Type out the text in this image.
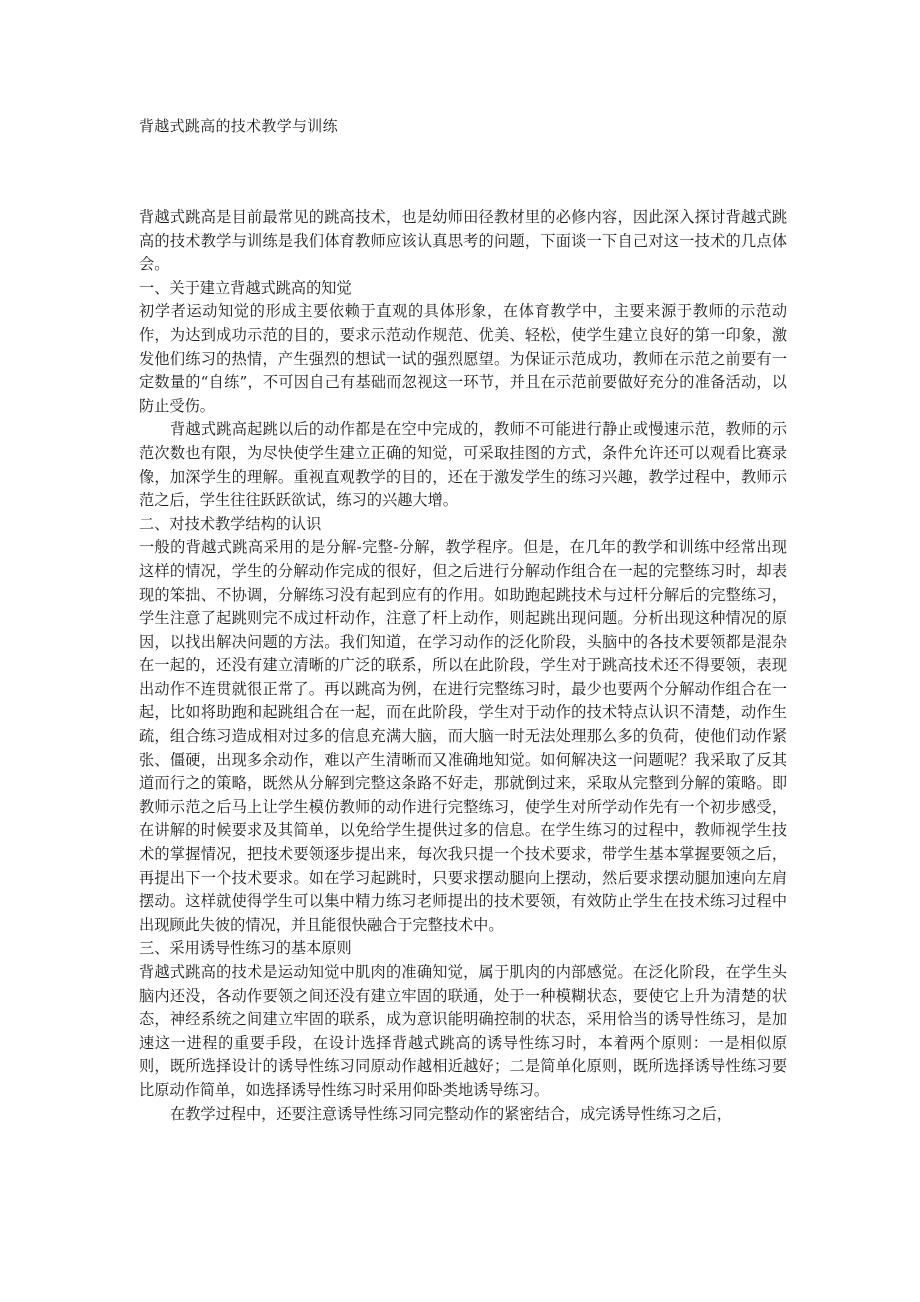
背越式跳高的技术教学与训练

背越式跳高是目前最常见的跳高技术，也是幼师田径教材里的必修内容，因此深入探讨背越式跳高的技术教学与训练是我们体育教师应该认真思考的问题，下面谈一下自己对这一技术的几点体会。

一、关于建立背越式跳高的知觉

初学者运动知觉的形成主要依赖于直观的具体形象，在体育教学中，主要来源于教师的示范动作，为达到成功示范的目的，要求示范动作规范、优美、轻松，使学生建立良好的第一印象，激发他们练习的热情，产生强烈的想试一试的强烈愿望。为保证示范成功，教师在示范之前要有一定数量的“自练”，不可因自己有基础而忽视这一环节，并且在示范前要做好充分的准备活动，以防止受伤。

背越式跳高起跳以后的动作都是在空中完成的，教师不可能进行静止或慢速示范，教师的示范次数也有限，为尽快使学生建立正确的知觉，可采取挂图的方式，条件允许还可以观看比赛录像，加深学生的理解。重视直观教学的目的，还在于激发学生的练习兴趣，教学过程中，教师示范之后，学生往往跃跃欲试，练习的兴趣大增。

二、对技术教学结构的认识

一般的背越式跳高采用的是分解-完整-分解，教学程序。但是，在几年的教学和训练中经常出现这样的情况，学生的分解动作完成的很好，但之后进行分解动作组合在一起的完整练习时，却表现的笨拙、不协调，分解练习没有起到应有的作用。如助跑起跳技术与过杆分解后的完整练习，学生注意了起跳则完不成过杆动作，注意了杆上动作，则起跳出现问题。分析出现这种情况的原因，以找出解决问题的方法。我们知道，在学习动作的泛化阶段，头脑中的各技术要领都是混杂在一起的，还没有建立清晰的广泛的联系，所以在此阶段，学生对于跳高技术还不得要领，表现出动作不连贯就很正常了。再以跳高为例，在进行完整练习时，最少也要两个分解动作组合在一起，比如将助跑和起跳组合在一起，而在此阶段，学生对于动作的技术特点认识不清楚，动作生疏，组合练习造成相对过多的信息充满大脑，而大脑一时无法处理那么多的负荷，使他们动作紧张、僵硬，出现多余动作，难以产生清晰而又准确地知觉。如何解决这一问题呢？我采取了反其道而行之的策略，既然从分解到完整这条路不好走，那就倒过来，采取从完整到分解的策略。即教师示范之后马上让学生模仿教师的动作进行完整练习，使学生对所学动作先有一个初步感受，在讲解的时候要求及其简单，以免给学生提供过多的信息。在学生练习的过程中，教师视学生技术的掌握情况，把技术要领逐步提出来，每次我只提一个技术要求，带学生基本掌握要领之后，再提出下一个技术要求。如在学习起跳时，只要求摆动腿向上摆动，然后要求摆动腿加速向左肩摆动。这样就使得学生可以集中精力练习老师提出的技术要领，有效防止学生在技术练习过程中出现顾此失彼的情况，并且能很快融合于完整技术中。

三、采用诱导性练习的基本原则

背越式跳高的技术是运动知觉中肌肉的准确知觉，属于肌肉的内部感觉。在泛化阶段，在学生头脑内还没，各动作要领之间还没有建立牢固的联通，处于一种模糊状态，要使它上升为清楚的状态，神经系统之间建立牢固的联系，成为意识能明确控制的状态，采用恰当的诱导性练习，是加速这一进程的重要手段，在设计选择背越式跳高的诱导性练习时，本着两个原则：一是相似原则，既所选择设计的诱导性练习同原动作越相近越好；二是简单化原则，既所选择诱导性练习要比原动作简单，如选择诱导性练习时采用仰卧类地诱导练习。

在教学过程中，还要注意诱导性练习同完整动作的紧密结合，成完诱导性练习之后，
